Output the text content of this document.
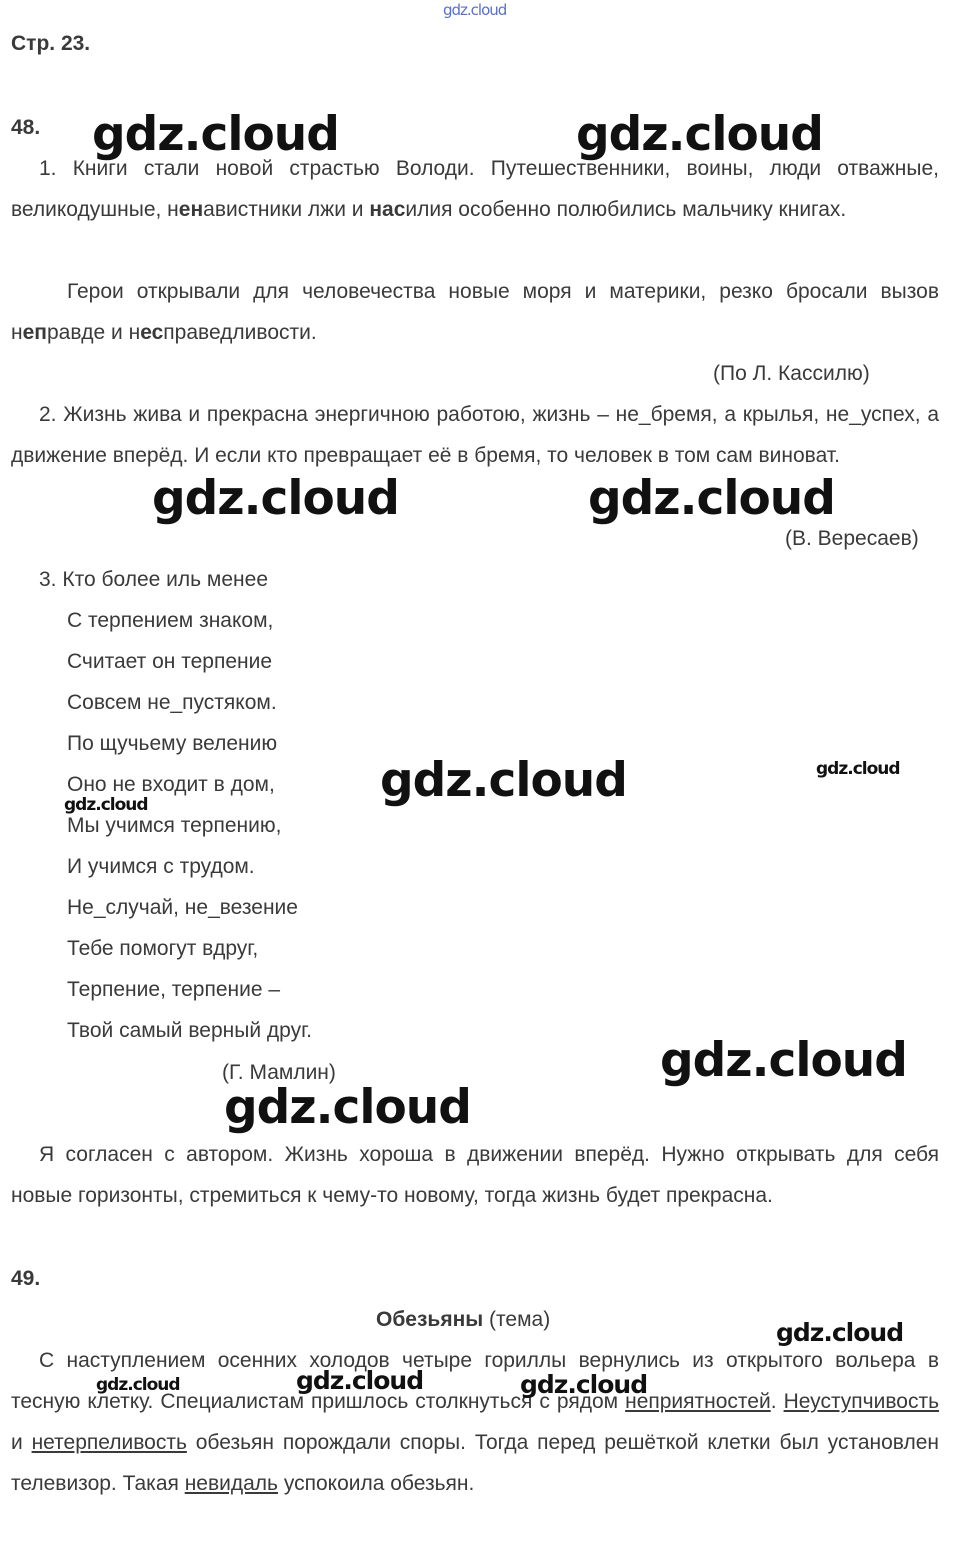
gdz.cloud
Стр. 23.
48.
1. Книги стали новой страстью Володи. Путешественники, воины, люди отважные, великодушные, ненавистники лжи и насилия особенно полюбились мальчику книгах.
Герои открывали для человечества новые моря и материки, резко бросали вызов неправде и несправедливости.
(По Л. Кассилю)
2. Жизнь жива и прекрасна энергичною работою, жизнь – не_бремя, а крылья, не_успех, а движение вперёд. И если кто превращает её в бремя, то человек в том сам виноват.
(В. Вересаев)
3. Кто более иль менее
С терпением знаком,
Считает он терпение
Совсем не_пустяком.
По щучьему велению
Оно не входит в дом,
Мы учимся терпению,
И учимся с трудом.
Не_случай, не_везение
Тебе помогут вдруг,
Терпение, терпение –
Твой самый верный друг.
(Г. Мамлин)
Я согласен с автором. Жизнь хороша в движении вперёд. Нужно открывать для себя новые горизонты, стремиться к чему-то новому, тогда жизнь будет прекрасна.
49.
Обезьяны (тема)
С наступлением осенних холодов четыре гориллы вернулись из открытого вольера в тесную клетку. Специалистам пришлось столкнуться с рядом неприятностей. Неуступчивость и нетерпеливость обезьян порождали споры. Тогда перед решёткой клетки был установлен телевизор. Такая невидаль успокоила обезьян.
gdz.cloud	gdz.cloud
gdz.cloud	gdz.cloud
gdz.cloud	gdz.cloud
gdz.cloud
gdz.cloud
gdz.cloud
gdz.cloud
gdz.cloud	gdz.cloud	gdz.cloud
